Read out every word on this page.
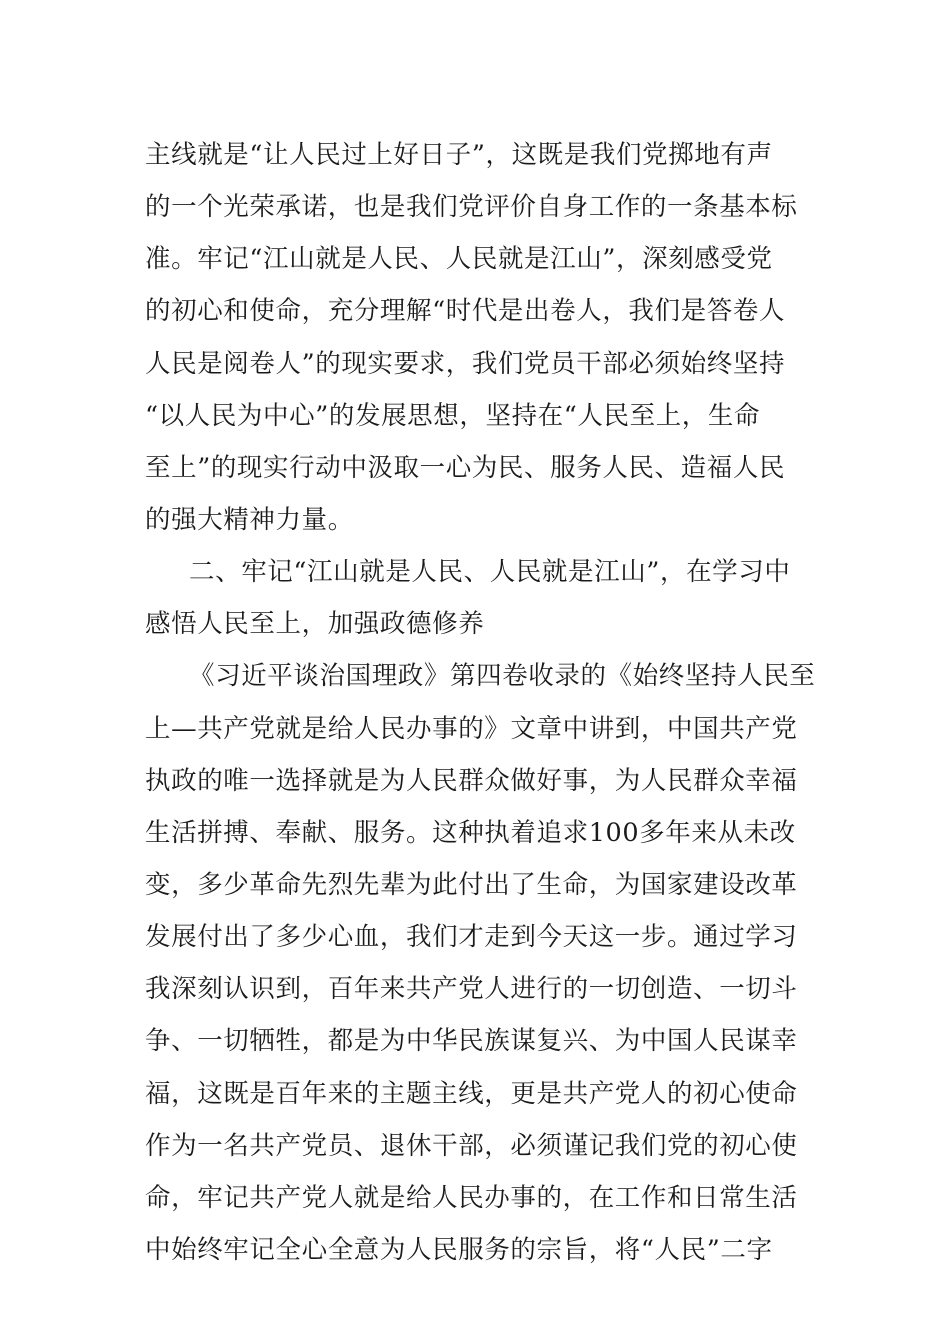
主线就是“让人民过上好日子”，这既是我们党掷地有声
的一个光荣承诺，也是我们党评价自身工作的一条基本标
准。牢记“江山就是人民、人民就是江山”，深刻感受党
的初心和使命，充分理解“时代是出卷人，我们是答卷人
人民是阅卷人”的现实要求，我们党员干部必须始终坚持
“以人民为中心”的发展思想，坚持在“人民至上，生命
至上”的现实行动中汲取一心为民、服务人民、造福人民
的强大精神力量。
二、牢记“江山就是人民、人民就是江山”，在学习中
感悟人民至上，加强政德修养
《习近平谈治国理政》第四卷收录的《始终坚持人民至
上—共产党就是给人民办事的》文章中讲到，中国共产党
执政的唯一选择就是为人民群众做好事，为人民群众幸福
生活拼搏、奉献、服务。这种执着追求100多年来从未改
变，多少革命先烈先辈为此付出了生命，为国家建设改革
发展付出了多少心血，我们才走到今天这一步。通过学习
我深刻认识到，百年来共产党人进行的一切创造、一切斗
争、一切牺牲，都是为中华民族谋复兴、为中国人民谋幸
福，这既是百年来的主题主线，更是共产党人的初心使命
作为一名共产党员、退休干部，必须谨记我们党的初心使
命，牢记共产党人就是给人民办事的，在工作和日常生活
中始终牢记全心全意为人民服务的宗旨，将“人民”二字
